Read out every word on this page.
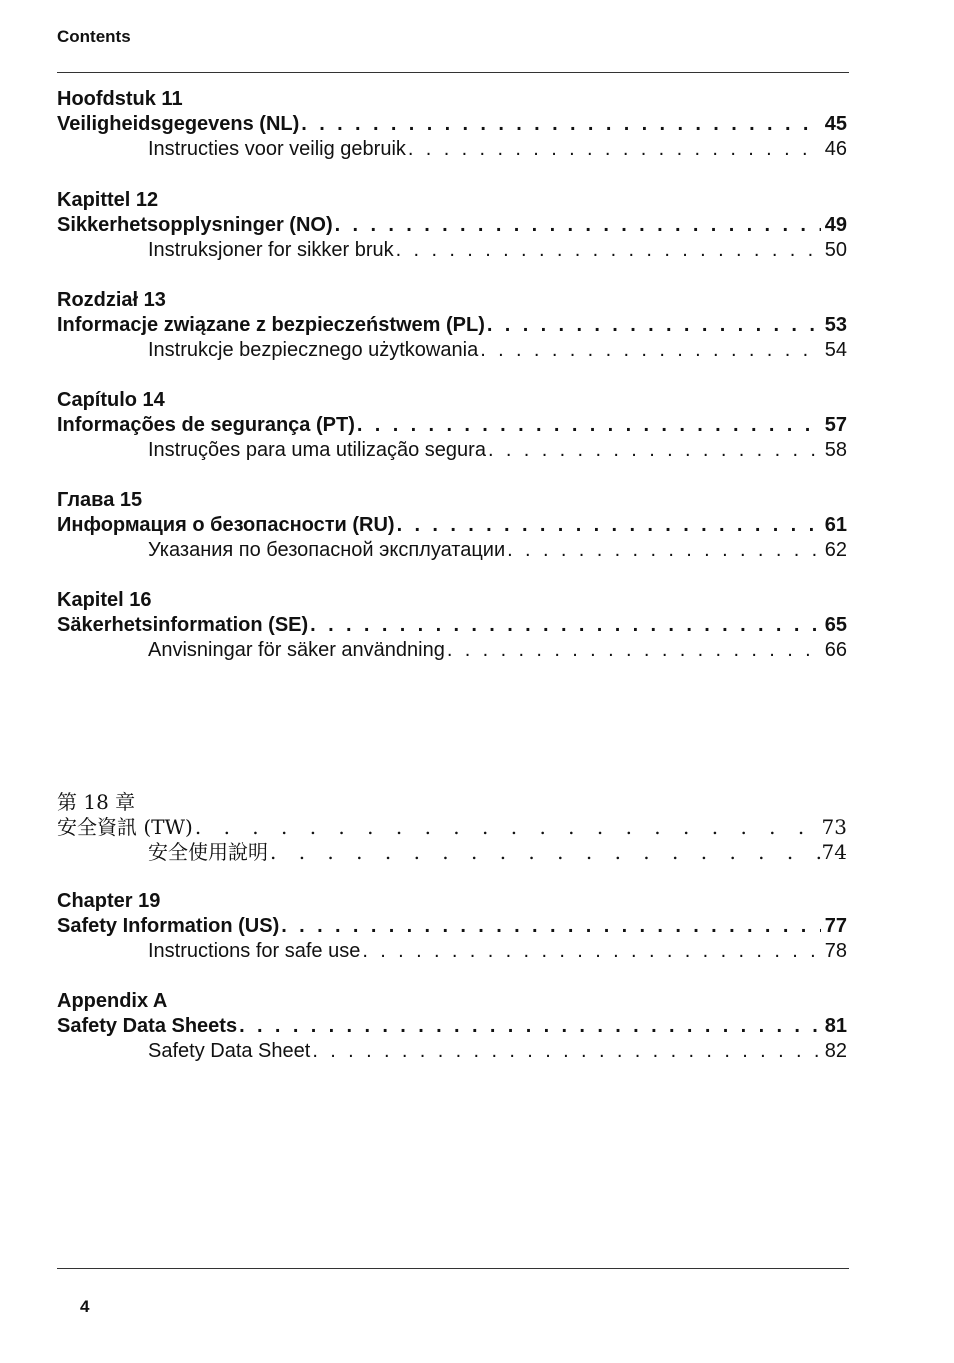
Contents
Hoofdstuk 11
Veiligheidsgegevens (NL) . . .	45
Instructies voor veilig gebruik . . .	46
Kapittel 12
Sikkerhetsopplysninger (NO) . . .	49
Instruksjoner for sikker bruk . . .	50
Rozdział 13
Informacje związane z bezpieczeństwem (PL) . . .	53
Instrukcje bezpiecznego użytkowania . . .	54
Capítulo 14
Informações de segurança (PT) . . .	57
Instruções para uma utilização segura . . .	58
Глава 15
Информация о безопасности (RU) . . .	61
Указания по безопасной эксплуатации . . .	62
Kapitel 16
Säkerhetsinformation (SE) . . .	65
Anvisningar för säker användning . . .	66
第 18 章
安全資訊 (TW) . . .	73
安全使用說明 . . .	74
Chapter 19
Safety Information (US) . . .	77
Instructions for safe use . . .	78
Appendix A
Safety Data Sheets . . .	81
Safety Data Sheet . . .	82
4
